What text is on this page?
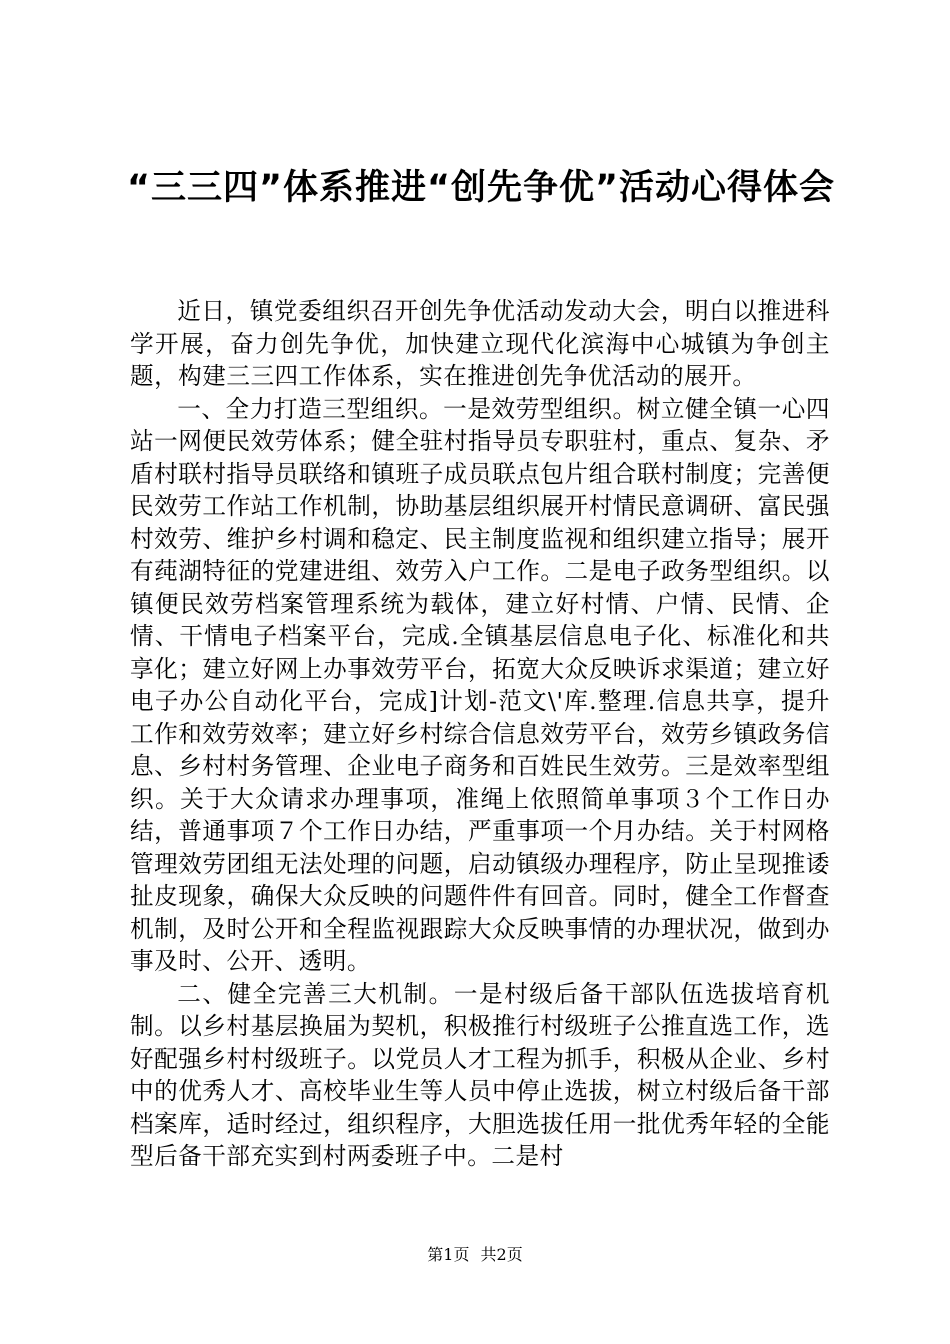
“三三四”体系推进“创先争优”活动心得体会

近日，镇党委组织召开创先争优活动发动大会，明白以推进科学开展，奋力创先争优，加快建立现代化滨海中心城镇为争创主题，构建三三四工作体系，实在推进创先争优活动的展开。

一、全力打造三型组织。一是效劳型组织。树立健全镇一心四站一网便民效劳体系；健全驻村指导员专职驻村，重点、复杂、矛盾村联村指导员联络和镇班子成员联点包片组合联村制度；完善便民效劳工作站工作机制，协助基层组织展开村情民意调研、富民强村效劳、维护乡村调和稳定、民主制度监视和组织建立指导；展开有莼湖特征的党建进组、效劳入户工作。二是电子政务型组织。以镇便民效劳档案管理系统为载体，建立好村情、户情、民情、企情、干情电子档案平台，完成.全镇基层信息电子化、标准化和共享化；建立好网上办事效劳平台，拓宽大众反映诉求渠道；建立好电子办公自动化平台，完成]计划-范文\'库.整理.信息共享，提升工作和效劳效率；建立好乡村综合信息效劳平台，效劳乡镇政务信息、乡村村务管理、企业电子商务和百姓民生效劳。三是效率型组织。关于大众请求办理事项，准绳上依照简单事项３个工作日办结，普通事项７个工作日办结，严重事项一个月办结。关于村网格管理效劳团组无法处理的问题，启动镇级办理程序，防止呈现推诿扯皮现象，确保大众反映的问题件件有回音。同时，健全工作督查机制，及时公开和全程监视跟踪大众反映事情的办理状况，做到办事及时、公开、透明。

二、健全完善三大机制。一是村级后备干部队伍选拔培育机制。以乡村基层换届为契机，积极推行村级班子公推直选工作，选好配强乡村村级班子。以党员人才工程为抓手，积极从企业、乡村中的优秀人才、高校毕业生等人员中停止选拔，树立村级后备干部档案库，适时经过，组织程序，大胆选拔任用一批优秀年轻的全能型后备干部充实到村两委班子中。二是村

第1页 共2页
